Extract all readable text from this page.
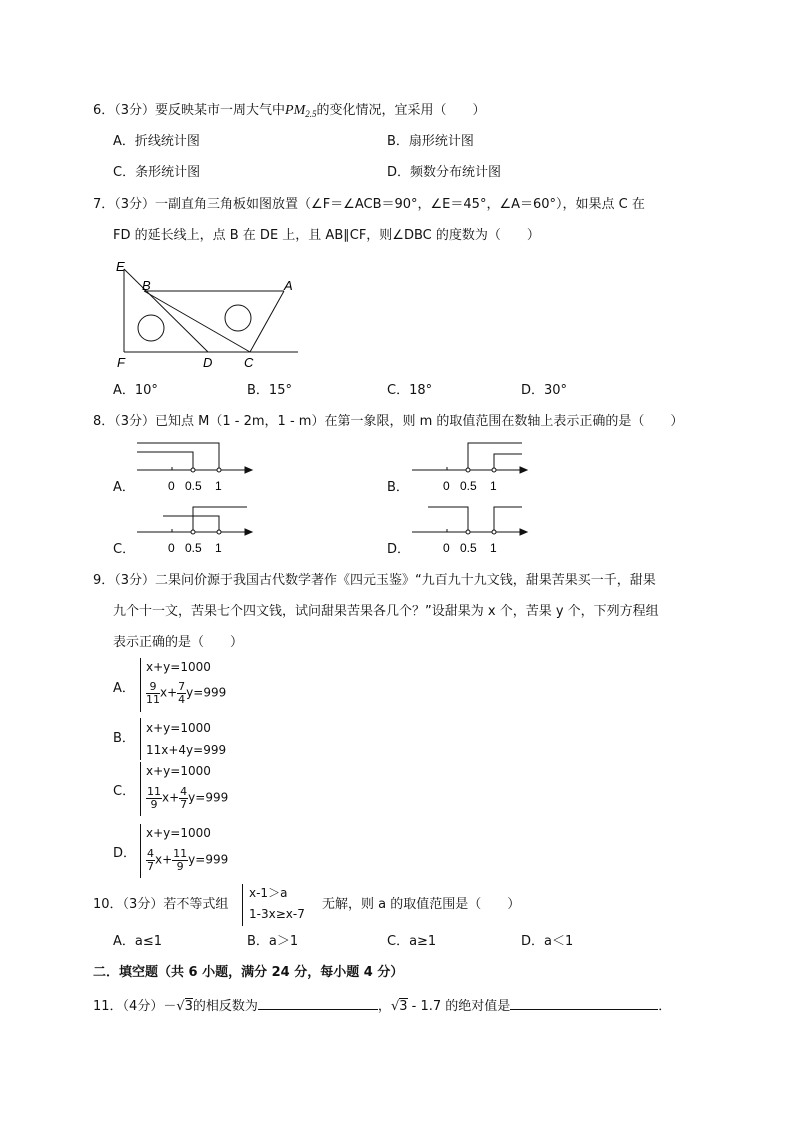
6．（3分）要反映某市一周大气中$PM_{2.5}$的变化情况，宜采用（　　）
A．折线统计图	B．扇形统计图
C．条形统计图	D．频数分布统计图
7．（3分）一副直角三角板如图放置（∠F＝∠ACB＝90°，∠E＝45°，∠A＝60°），如果点 C 在
FD 的延长线上，点 B 在 DE 上，且 AB∥CF，则∠DBC 的度数为（　　）
E
B	A
F	D C
A．10°	B．15°	C．18°	D．30°
8．（3分）已知点 M（1 - 2m，1 - m）在第一象限，则 m 的取值范围在数轴上表示正确的是（　　）
A．	0 0.5 1	B．	0 0.5 1
C．	0 0.5 1	D．	0 0.5 1
9．（3分）二果问价源于我国古代数学著作《四元玉鉴》“九百九十九文钱，甜果苦果买一千，甜果
九个十一文，苦果七个四文钱，试问甜果苦果各几个？”设甜果为 x 个，苦果 y 个，下列方程组
表示正确的是（　　）
A．
x+y=1000
$\frac{9}{11} x+ \frac{7}{4} y=999$
B．
x+y=1000
11x+4y=999
C．
x+y=1000
$\frac{11}{9} x+ \frac{4}{7} y=999$
D．
x+y=1000
$\frac{4}{7} x+ \frac{11}{9} y=999$
10．（3分）若不等式组
x-1＞a
1-3x≥x-7
无解，则 a 的取值范围是（　　）
A．a≤1	B．a＞1	C．a≥1	D．a＜1
二．填空题（共 6 小题，满分 24 分，每小题 4 分）
11．（4分）－√3的相反数为	，√3 - 1.7 的绝对值是	．
